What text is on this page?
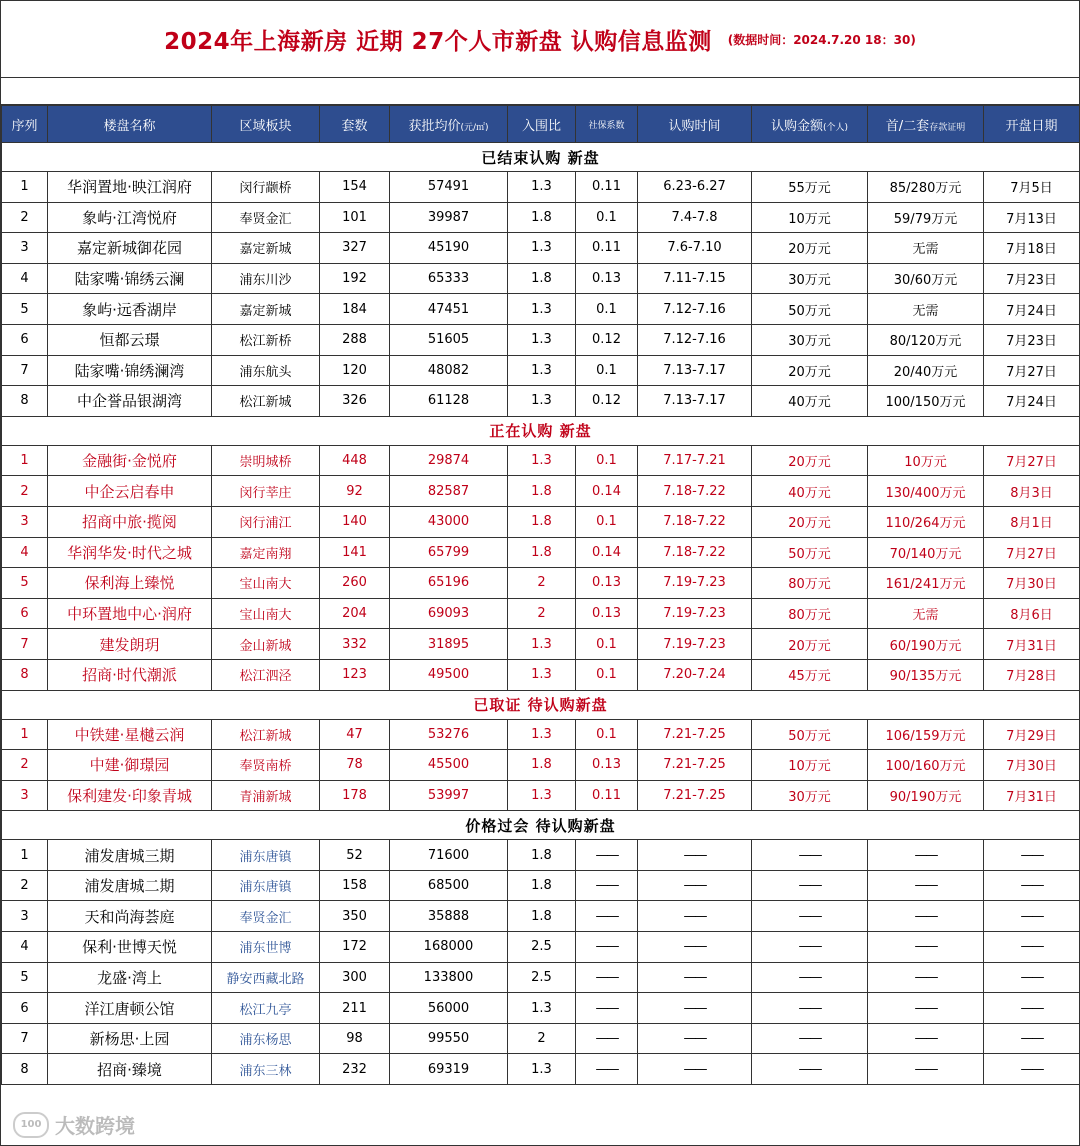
2024年上海新房 近期 27个人市新盘 认购信息监测 (数据时间：2024.7.20 18：30)
序列	楼盘名称	区域板块	套数	获批均价(元/㎡)	入围比	社保系数	认购时间	认购金额(个人)	首/二套存款证明	开盘日期
已结束认购 新盘										
1	华润置地·映江润府	闵行颛桥	154	57491	1.3	0.11	6.23-6.27	55万元	85/280万元	7月5日
2	象屿·江湾悦府	奉贤金汇	101	39987	1.8	0.1	7.4-7.8	10万元	59/79万元	7月13日
3	嘉定新城御花园	嘉定新城	327	45190	1.3	0.11	7.6-7.10	20万元	无需	7月18日
4	陆家嘴·锦绣云澜	浦东川沙	192	65333	1.8	0.13	7.11-7.15	30万元	30/60万元	7月23日
5	象屿·远香湖岸	嘉定新城	184	47451	1.3	0.1	7.12-7.16	50万元	无需	7月24日
6	恒都云璟	松江新桥	288	51605	1.3	0.12	7.12-7.16	30万元	80/120万元	7月23日
7	陆家嘴·锦绣澜湾	浦东航头	120	48082	1.3	0.1	7.13-7.17	20万元	20/40万元	7月27日
8	中企誉品银湖湾	松江新城	326	61128	1.3	0.12	7.13-7.17	40万元	100/150万元	7月24日
正在认购 新盘										
1	金融街·金悦府	崇明城桥	448	29874	1.3	0.1	7.17-7.21	20万元	10万元	7月27日
2	中企云启春申	闵行莘庄	92	82587	1.8	0.14	7.18-7.22	40万元	130/400万元	8月3日
3	招商中旅·揽阅	闵行浦江	140	43000	1.8	0.1	7.18-7.22	20万元	110/264万元	8月1日
4	华润华发·时代之城	嘉定南翔	141	65799	1.8	0.14	7.18-7.22	50万元	70/140万元	7月27日
5	保利海上臻悦	宝山南大	260	65196	2	0.13	7.19-7.23	80万元	161/241万元	7月30日
6	中环置地中心·润府	宝山南大	204	69093	2	0.13	7.19-7.23	80万元	无需	8月6日
7	建发朗玥	金山新城	332	31895	1.3	0.1	7.19-7.23	20万元	60/190万元	7月31日
8	招商·时代潮派	松江泗泾	123	49500	1.3	0.1	7.20-7.24	45万元	90/135万元	7月28日
已取证 待认购新盘										
1	中铁建·星樾云润	松江新城	47	53276	1.3	0.1	7.21-7.25	50万元	106/159万元	7月29日
2	中建·御璟园	奉贤南桥	78	45500	1.8	0.13	7.21-7.25	10万元	100/160万元	7月30日
3	保利建发·印象青城	青浦新城	178	53997	1.3	0.11	7.21-7.25	30万元	90/190万元	7月31日
价格过会 待认购新盘										
1	浦发唐城三期	浦东唐镇	52	71600	1.8	——	——	——	——	——
2	浦发唐城二期	浦东唐镇	158	68500	1.8	——	——	——	——	——
3	天和尚海荟庭	奉贤金汇	350	35888	1.8	——	——	——	——	——
4	保利·世博天悦	浦东世博	172	168000	2.5	——	——	——	——	——
5	龙盛·湾上	静安西藏北路	300	133800	2.5	——	——	——	——	——
6	洋江唐顿公馆	松江九亭	211	56000	1.3	——	——	——	——	——
7	新杨思·上园	浦东杨思	98	99550	2	——	——	——	——	——
8	招商·臻境	浦东三林	232	69319	1.3	——	——	——	——	——
100 大数跨境
